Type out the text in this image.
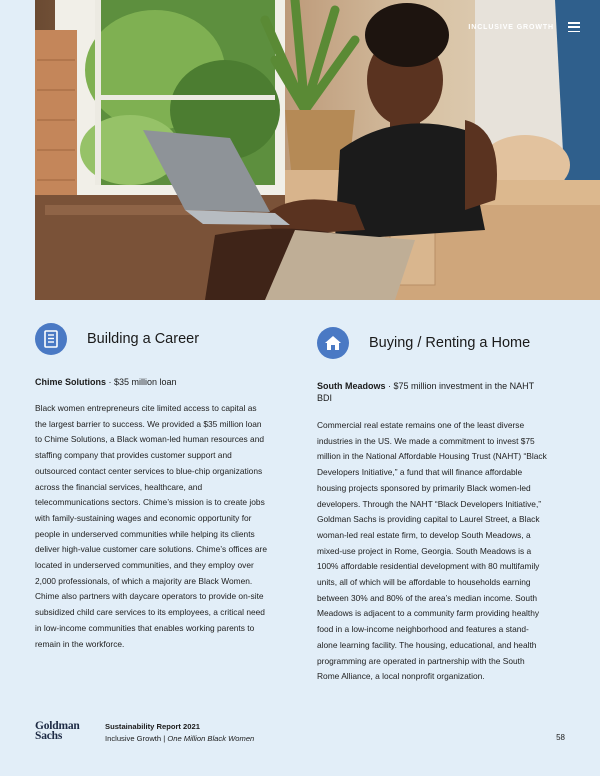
INCLUSIVE GROWTH
Building a Career
Chime Solutions · $35 million loan
Black women entrepreneurs cite limited access to capital as the largest barrier to success. We provided a $35 million loan to Chime Solutions, a Black woman-led human resources and staffing company that provides customer support and outsourced contact center services to blue-chip organizations across the financial services, healthcare, and telecommunications sectors. Chime’s mission is to create jobs with family-sustaining wages and economic opportunity for people in underserved communities while helping its clients deliver high-value customer care solutions. Chime’s offices are located in underserved communities, and they employ over 2,000 professionals, of which a majority are Black Women. Chime also partners with daycare operators to provide on-site subsidized child care services to its employees, a critical need in low-income communities that enables working parents to remain in the workforce.
Buying / Renting a Home
South Meadows · $75 million investment in the NAHT BDI
Commercial real estate remains one of the least diverse industries in the US. We made a commitment to invest $75 million in the National Affordable Housing Trust (NAHT) “Black Developers Initiative,” a fund that will finance affordable housing projects sponsored by primarily Black women-led developers. Through the NAHT “Black Developers Initiative,” Goldman Sachs is providing capital to Laurel Street, a Black woman-led real estate firm, to develop South Meadows, a mixed-use project in Rome, Georgia. South Meadows is a 100% affordable residential development with 80 multifamily units, all of which will be affordable to households earning between 30% and 80% of the area’s median income. South Meadows is adjacent to a community farm providing healthy food in a low-income neighborhood and features a stand-alone learning facility. The housing, educational, and health programming are operated in partnership with the South Rome Alliance, a local nonprofit organization.
Goldman
Sachs
Sustainability Report 2021
Inclusive Growth | One Million Black Women	58
